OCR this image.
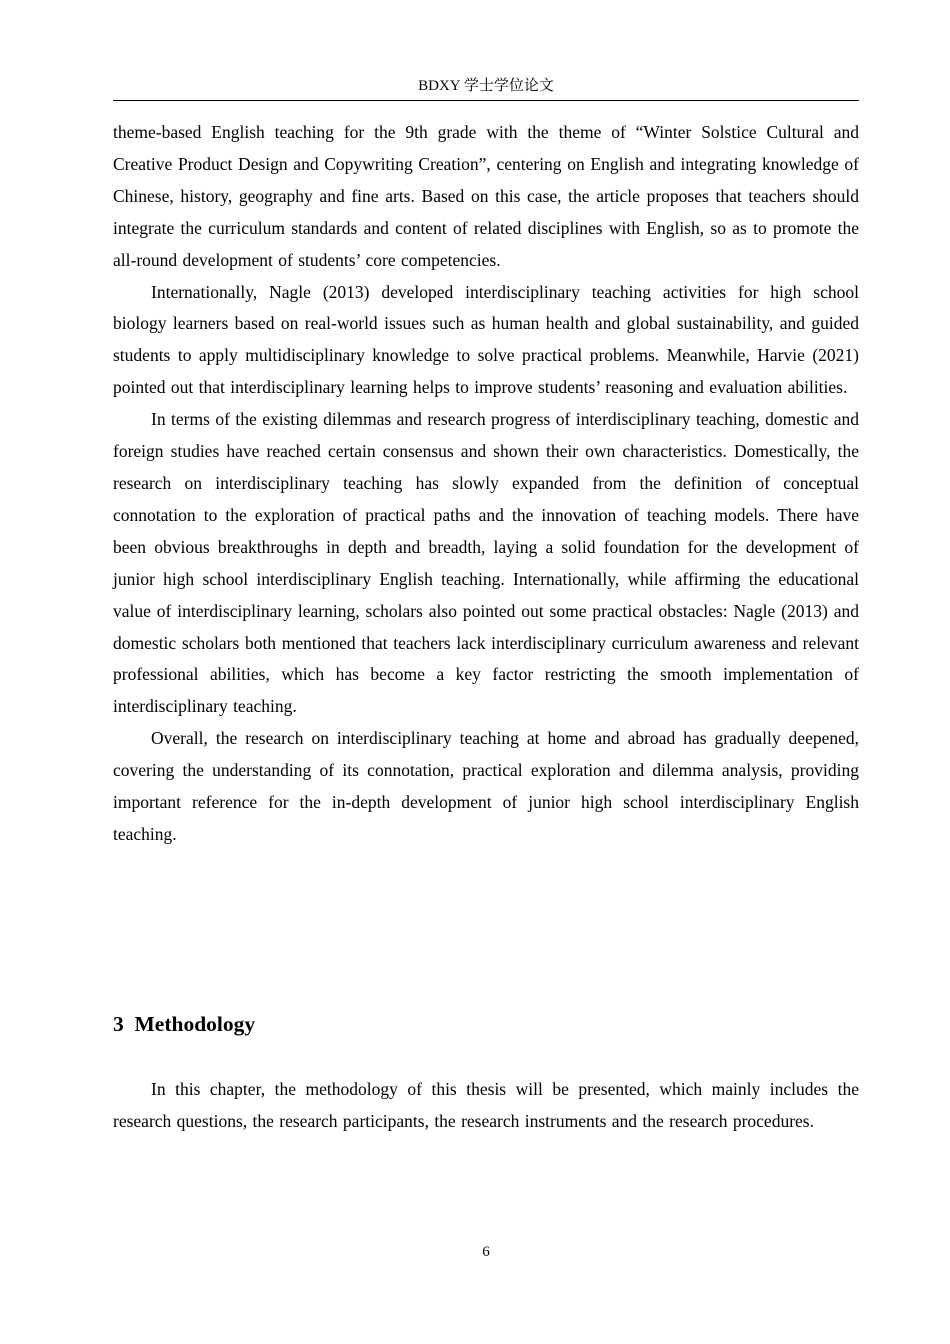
BDXY 学士学位论文

theme-based English teaching for the 9th grade with the theme of “Winter Solstice Cultural and Creative Product Design and Copywriting Creation”, centering on English and integrating knowledge of Chinese, history, geography and fine arts. Based on this case, the article proposes that teachers should integrate the curriculum standards and content of related disciplines with English, so as to promote the all-round development of students’ core competencies.

Internationally, Nagle (2013) developed interdisciplinary teaching activities for high school biology learners based on real-world issues such as human health and global sustainability, and guided students to apply multidisciplinary knowledge to solve practical problems. Meanwhile, Harvie (2021) pointed out that interdisciplinary learning helps to improve students’ reasoning and evaluation abilities.

In terms of the existing dilemmas and research progress of interdisciplinary teaching, domestic and foreign studies have reached certain consensus and shown their own characteristics. Domestically, the research on interdisciplinary teaching has slowly expanded from the definition of conceptual connotation to the exploration of practical paths and the innovation of teaching models. There have been obvious breakthroughs in depth and breadth, laying a solid foundation for the development of junior high school interdisciplinary English teaching. Internationally, while affirming the educational value of interdisciplinary learning, scholars also pointed out some practical obstacles: Nagle (2013) and domestic scholars both mentioned that teachers lack interdisciplinary curriculum awareness and relevant professional abilities, which has become a key factor restricting the smooth implementation of interdisciplinary teaching.

Overall, the research on interdisciplinary teaching at home and abroad has gradually deepened, covering the understanding of its connotation, practical exploration and dilemma analysis, providing important reference for the in-depth development of junior high school interdisciplinary English teaching.

3 Methodology

In this chapter, the methodology of this thesis will be presented, which mainly includes the research questions, the research participants, the research instruments and the research procedures.

6
